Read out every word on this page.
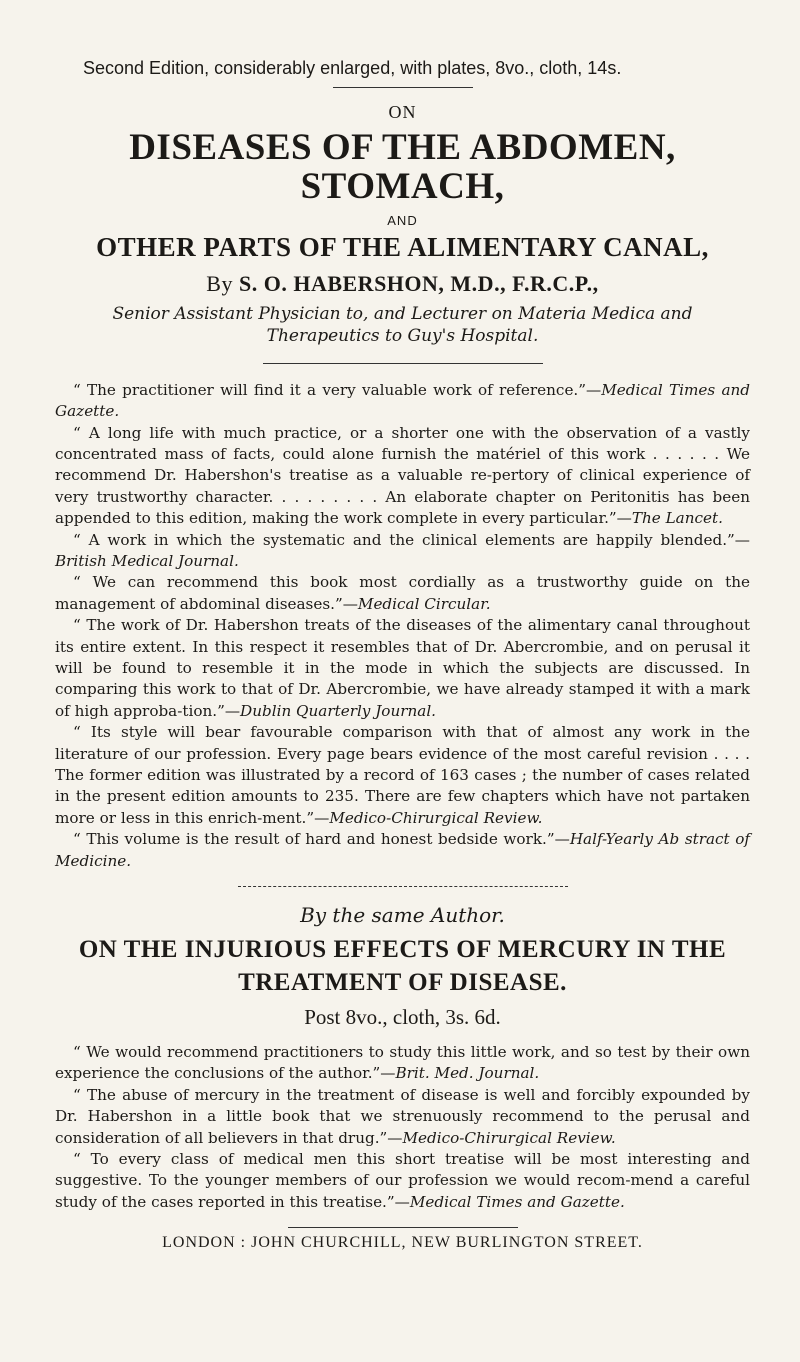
Second Edition, considerably enlarged, with plates, 8vo., cloth, 14s.
ON
DISEASES OF THE ABDOMEN, STOMACH,
AND
OTHER PARTS OF THE ALIMENTARY CANAL,
By S. O. HABERSHON, M.D., F.R.C.P.,
Senior Assistant Physician to, and Lecturer on Materia Medica and Therapeutics to Guy's Hospital.

“ The practitioner will find it a very valuable work of reference.”—Medical Times and Gazette.

“ A long life with much practice, or a shorter one with the observation of a vastly concentrated mass of facts, could alone furnish the matériel of this work . . . . . . We recommend Dr. Habershon's treatise as a valuable re-pertory of clinical experience of very trustworthy character. . . . . . . . . An elaborate chapter on Peritonitis has been appended to this edition, making the work complete in every particular.”—The Lancet.

“ A work in which the systematic and the clinical elements are happily blended.”—British Medical Journal.

“ We can recommend this book most cordially as a trustworthy guide on the management of abdominal diseases.”—Medical Circular.

“ The work of Dr. Habershon treats of the diseases of the alimentary canal throughout its entire extent. In this respect it resembles that of Dr. Abercrombie, and on perusal it will be found to resemble it in the mode in which the subjects are discussed. In comparing this work to that of Dr. Abercrombie, we have already stamped it with a mark of high approba-tion.”—Dublin Quarterly Journal.

“ Its style will bear favourable comparison with that of almost any work in the literature of our profession. Every page bears evidence of the most careful revision . . . . The former edition was illustrated by a record of 163 cases ; the number of cases related in the present edition amounts to 235. There are few chapters which have not partaken more or less in this enrich-ment.”—Medico-Chirurgical Review.

“ This volume is the result of hard and honest bedside work.”—Half-Yearly Ab stract of Medicine.

By the same Author.
ON THE INJURIOUS EFFECTS OF MERCURY IN THE TREATMENT OF DISEASE.
Post 8vo., cloth, 3s. 6d.

“ We would recommend practitioners to study this little work, and so test by their own experience the conclusions of the author.”—Brit. Med. Journal.

“ The abuse of mercury in the treatment of disease is well and forcibly expounded by Dr. Habershon in a little book that we strenuously recommend to the perusal and consideration of all believers in that drug.”—Medico-Chirurgical Review.

“ To every class of medical men this short treatise will be most interesting and suggestive. To the younger members of our profession we would recom-mend a careful study of the cases reported in this treatise.”—Medical Times and Gazette.

LONDON : JOHN CHURCHILL, NEW BURLINGTON STREET.
